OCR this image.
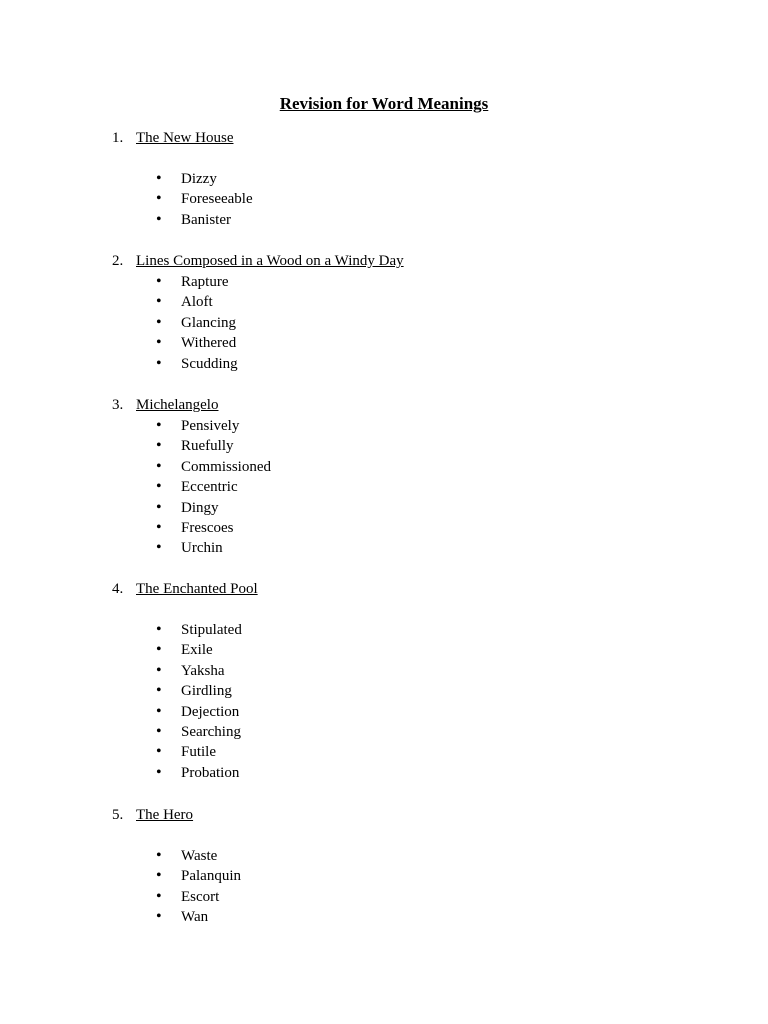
Revision for Word Meanings
1. The New House
• Dizzy
• Foreseeable
• Banister
2. Lines Composed in a Wood on a Windy Day
• Rapture
• Aloft
• Glancing
• Withered
• Scudding
3. Michelangelo
• Pensively
• Ruefully
• Commissioned
• Eccentric
• Dingy
• Frescoes
• Urchin
4. The Enchanted Pool
• Stipulated
• Exile
• Yaksha
• Girdling
• Dejection
• Searching
• Futile
• Probation
5. The Hero
• Waste
• Palanquin
• Escort
• Wan
